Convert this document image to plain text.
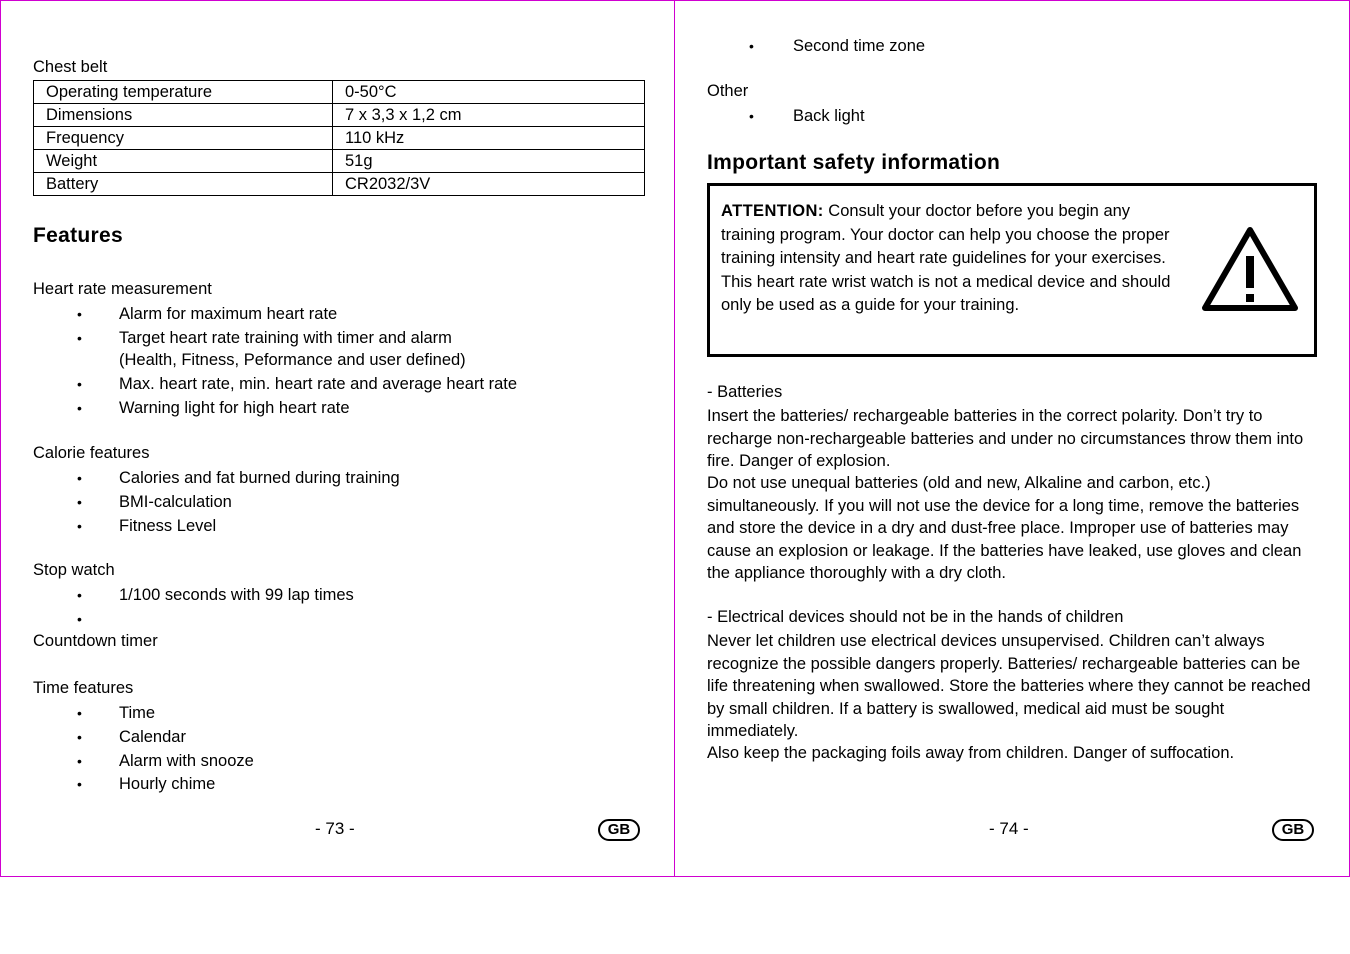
Chest belt
Operating temperature	0-50°C
Dimensions	7 x 3,3 x 1,2 cm
Frequency	110 kHz
Weight	51g
Battery	CR2032/3V
Features
Heart rate measurement
•
Alarm for maximum heart rate
•
Target heart rate training with timer and alarm
(Health, Fitness, Peformance and user defined)
•
Max. heart rate, min. heart rate and average heart rate
•
Warning light for high heart rate
Calorie features
•
Calories and fat burned during training
•
BMI-calculation
•
Fitness Level
Stop watch
•
1/100 seconds with 99 lap times
•
Countdown timer
Time features
•
Time
•
Calendar
•
Alarm with snooze
•
Hourly chime
- 73 -	GB
•
Second time zone
Other
•
Back light
Important safety information
ATTENTION: Consult your doctor before you begin any training program. Your doctor can help you choose the proper training intensity and heart rate guidelines for your exercises.
This heart rate wrist watch is not a medical device and should only be used as a guide for your training.
- Batteries
Insert the batteries/ rechargeable batteries in the correct polarity. Don’t try to recharge non-rechargeable batteries and under no circumstances throw them into fire. Danger of explosion.
Do not use unequal batteries (old and new, Alkaline and carbon, etc.) simultaneously. If you will not use the device for a long time, remove the batteries and store the device in a dry and dust-free place. Improper use of batteries may cause an explosion or leakage. If the batteries have leaked, use gloves and clean the appliance thoroughly with a dry cloth.
- Electrical devices should not be in the hands of children
Never let children use electrical devices unsupervised. Children can’t always recognize the possible dangers properly. Batteries/ rechargeable batteries can be life threatening when swallowed. Store the batteries where they cannot be reached by small children. If a battery is swallowed, medical aid must be sought immediately.
Also keep the packaging foils away from children. Danger of suffocation.
- 74 -	GB
